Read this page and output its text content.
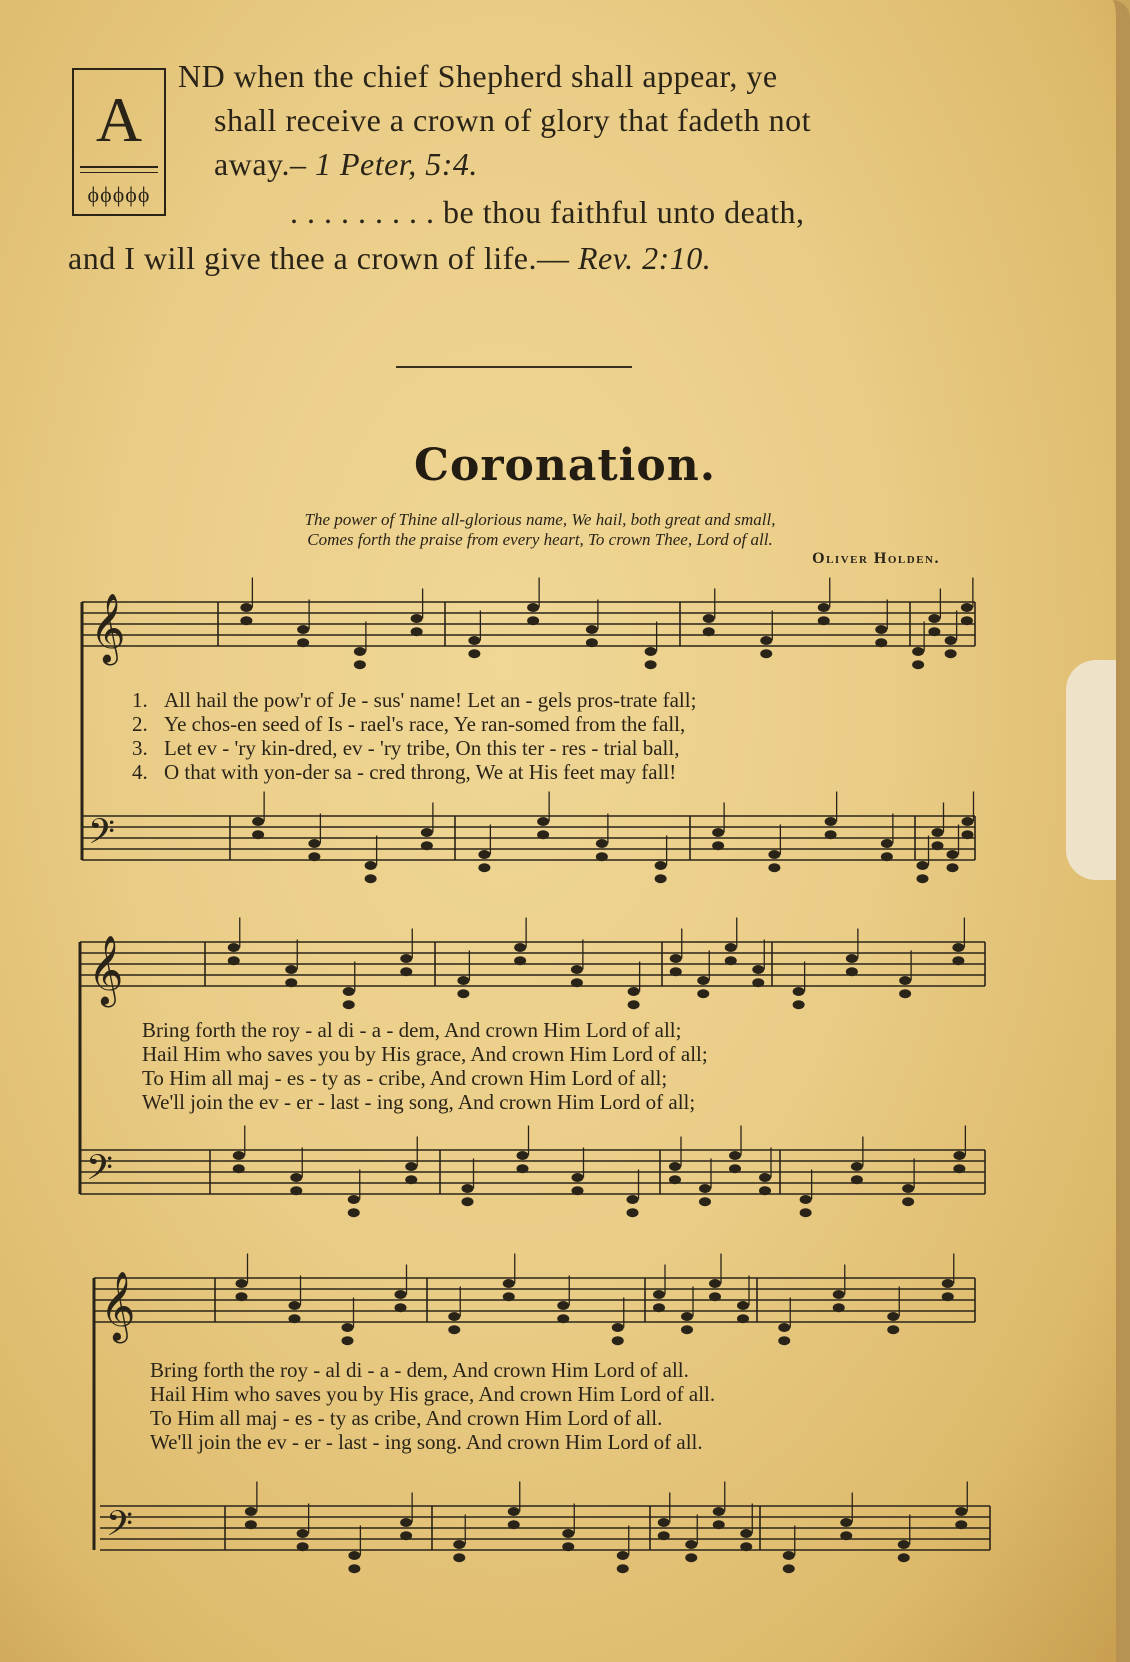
A
ϕϕϕϕϕ
ND when the chief Shepherd shall appear, ye
shall receive a crown of glory that fadeth not
away.– 1 Peter, 5:4.
. . . . . . . . . be thou faithful unto death,
and I will give thee a crown of life.— Rev. 2:10.
Coronation.
The power of Thine all-glorious name, We hail, both great and small,
Comes forth the praise from every heart, To crown Thee, Lord of all.
Oliver Holden.
𝄞
𝄢
𝄞
𝄢
𝄞
𝄢
1. All hail the pow'r of Je - sus' name! Let an - gels pros-trate fall;
2. Ye chos-en seed of Is - rael's race, Ye ran-somed from the fall,
3. Let ev - 'ry kin-dred, ev - 'ry tribe, On this ter - res - trial ball,
4. O that with yon-der sa - cred throng, We at His feet may fall!
Bring forth the roy - al di - a - dem, And crown Him Lord of all;
Hail Him who saves you by His grace, And crown Him Lord of all;
To Him all maj - es - ty as - cribe, And crown Him Lord of all;
We'll join the ev - er - last - ing song, And crown Him Lord of all;
Bring forth the roy - al di - a - dem, And crown Him Lord of all.
Hail Him who saves you by His grace, And crown Him Lord of all.
To Him all maj - es - ty as cribe, And crown Him Lord of all.
We'll join the ev - er - last - ing song. And crown Him Lord of all.
